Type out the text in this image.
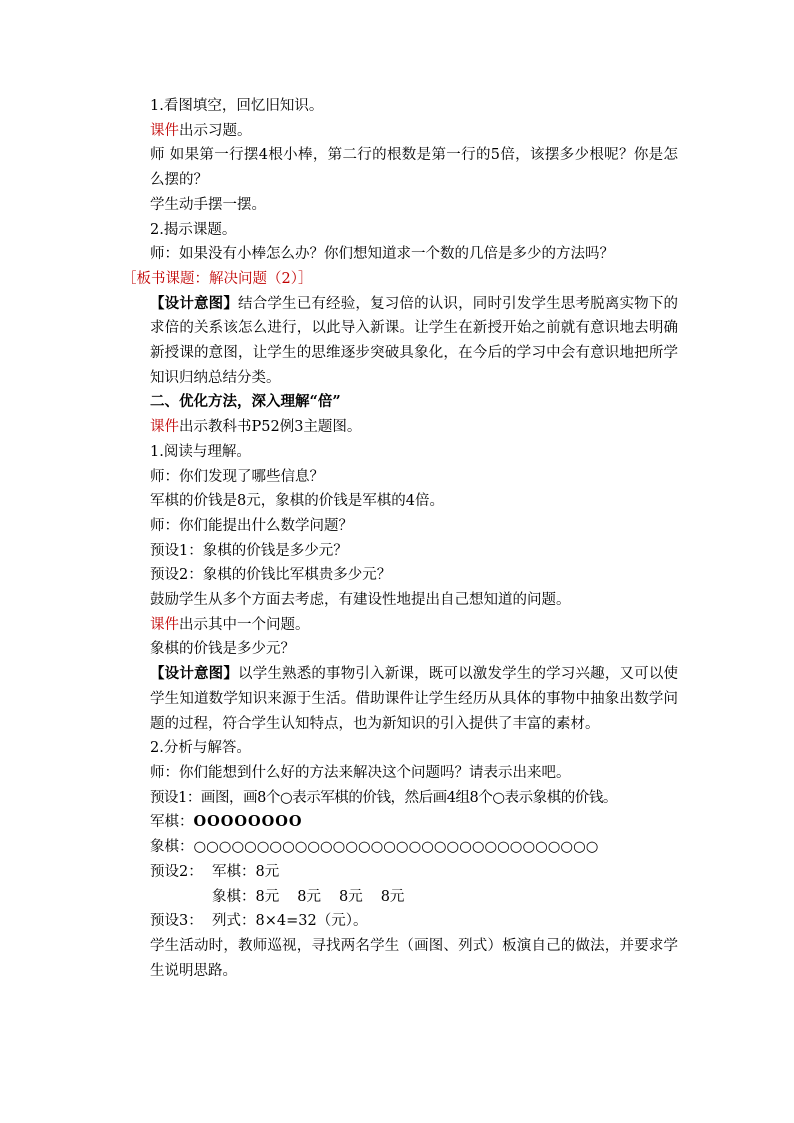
1.看图填空，回忆旧知识。

课件出示习题。

师 如果第一行摆4根小棒，第二行的根数是第一行的5倍，该摆多少根呢？你是怎么摆的？

学生动手摆一摆。

2.揭示课题。

师：如果没有小棒怎么办？你们想知道求一个数的几倍是多少的方法吗？

［板书课题：解决问题（2）］

【设计意图】结合学生已有经验，复习倍的认识，同时引发学生思考脱离实物下的求倍的关系该怎么进行，以此导入新课。让学生在新授开始之前就有意识地去明确新授课的意图，让学生的思维逐步突破具象化，在今后的学习中会有意识地把所学知识归纳总结分类。

二、优化方法，深入理解“倍”

课件出示教科书P52例3主题图。

1.阅读与理解。

师：你们发现了哪些信息？

军棋的价钱是8元，象棋的价钱是军棋的4倍。

师：你们能提出什么数学问题？

预设1：象棋的价钱是多少元？

预设2：象棋的价钱比军棋贵多少元？

鼓励学生从多个方面去考虑，有建设性地提出自己想知道的问题。

课件出示其中一个问题。

象棋的价钱是多少元？

【设计意图】以学生熟悉的事物引入新课，既可以激发学生的学习兴趣，又可以使学生知道数学知识来源于生活。借助课件让学生经历从具体的事物中抽象出数学问题的过程，符合学生认知特点，也为新知识的引入提供了丰富的素材。

2.分析与解答。

师：你们能想到什么好的方法来解决这个问题吗？请表示出来吧。

预设1：画图，画8个○表示军棋的价钱，然后画4组8个○表示象棋的价钱。

军棋：OOOOOOOO

象棋：○○○○○○○○○○○○○○○○○○○○○○○○○○○○○○○○

预设2： 军棋：8元

象棋：8元 8元 8元 8元

预设3： 列式：8×4=32（元）。

学生活动时，教师巡视，寻找两名学生（画图、列式）板演自己的做法，并要求学生说明思路。
